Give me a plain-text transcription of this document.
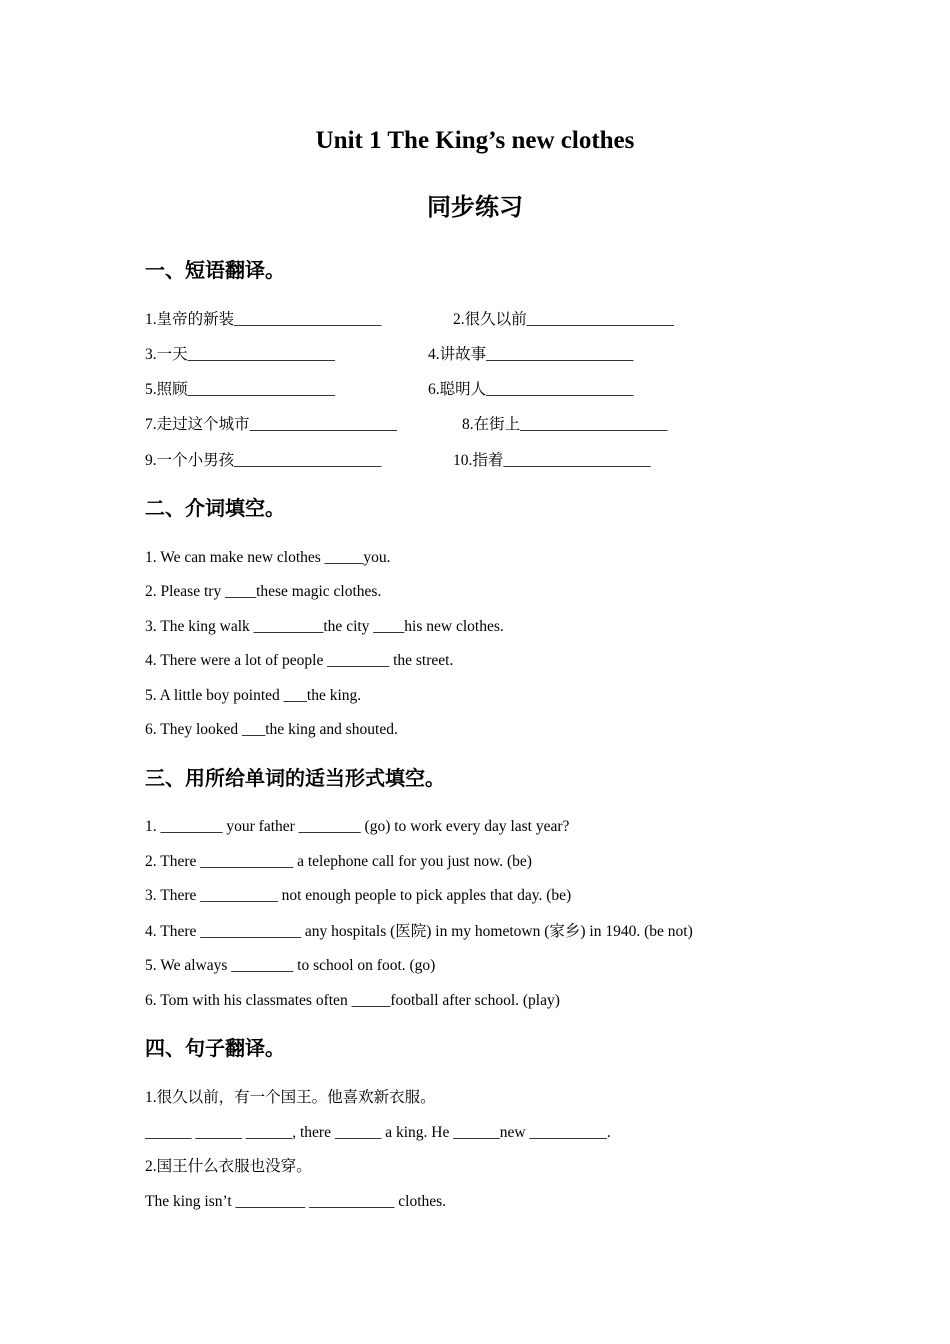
Unit 1 The King’s new clothes
同步练习
一、短语翻译。
1.皇帝的新装___________________	2.很久以前___________________
3.一天___________________	4.讲故事___________________
5.照顾___________________	6.聪明人___________________
7.走过这个城市___________________	8.在街上___________________
9.一个小男孩___________________	10.指着___________________
二、介词填空。
1. We can make new clothes _____you.
2. Please try ____these magic clothes.
3. The king walk _________the city ____his new clothes.
4. There were a lot of people ________ the street.
5. A little boy pointed ___the king.
6. They looked ___the king and shouted.
三、用所给单词的适当形式填空。
1. ________ your father ________ (go) to work every day last year?
2. There ____________ a telephone call for you just now. (be)
3. There __________ not enough people to pick apples that day. (be)
4. There _____________ any hospitals (医院) in my hometown (家乡) in 1940. (be not)
5. We always ________ to school on foot. (go)
6. Tom with his classmates often _____football after school. (play)
四、句子翻译。
1.很久以前，有一个国王。他喜欢新衣服。
______ ______ ______, there ______ a king. He ______new __________.
2.国王什么衣服也没穿。
The king isn’t _________ ___________ clothes.
